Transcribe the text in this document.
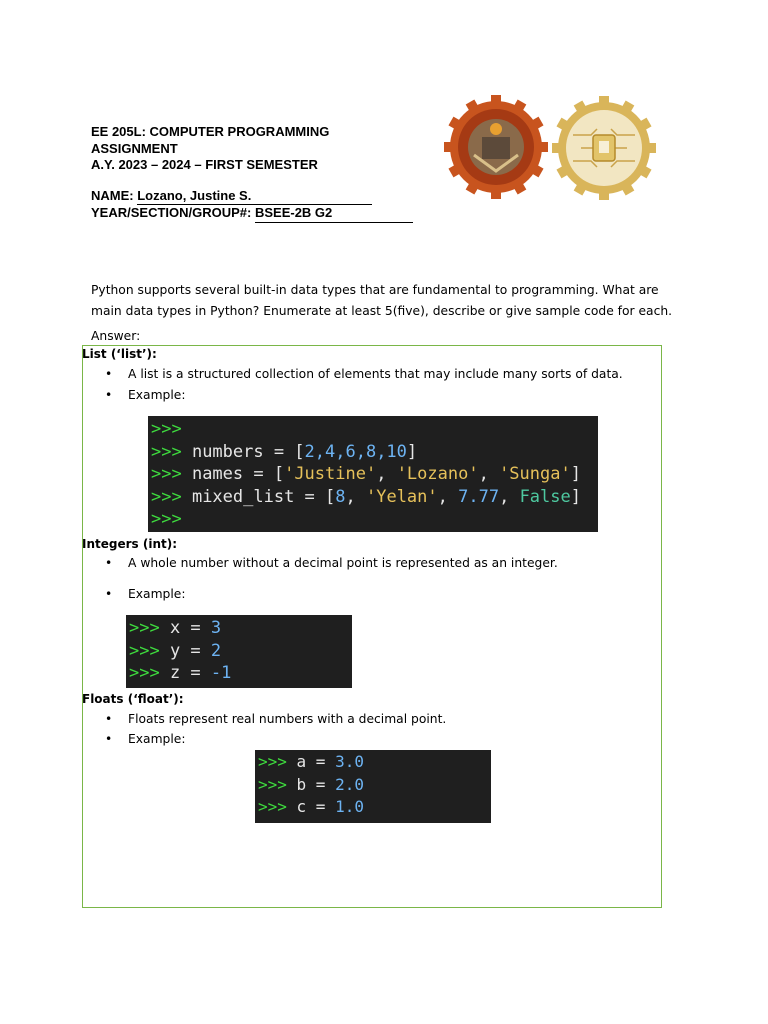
EE 205L: COMPUTER PROGRAMMING
ASSIGNMENT
A.Y. 2023 – 2024 – FIRST SEMESTER
NAME: Lozano, Justine S.
YEAR/SECTION/GROUP#: BSEE-2B G2
Python supports several built-in data types that are fundamental to programming. What are main data types in Python? Enumerate at least 5(five), describe or give sample code for each.
Answer:
List (‘list’):
• A list is a structured collection of elements that may include many sorts of data.
• Example:
>>>
>>> numbers = [2,4,6,8,10]
>>> names = ['Justine', 'Lozano', 'Sunga']
>>> mixed_list = [8, 'Yelan', 7.77, False]
>>>
Integers (int):
• A whole number without a decimal point is represented as an integer.
• Example:
>>> x = 3
>>> y = 2
>>> z = -1
Floats (‘float’):
• Floats represent real numbers with a decimal point.
• Example:
>>> a = 3.0
>>> b = 2.0
>>> c = 1.0
